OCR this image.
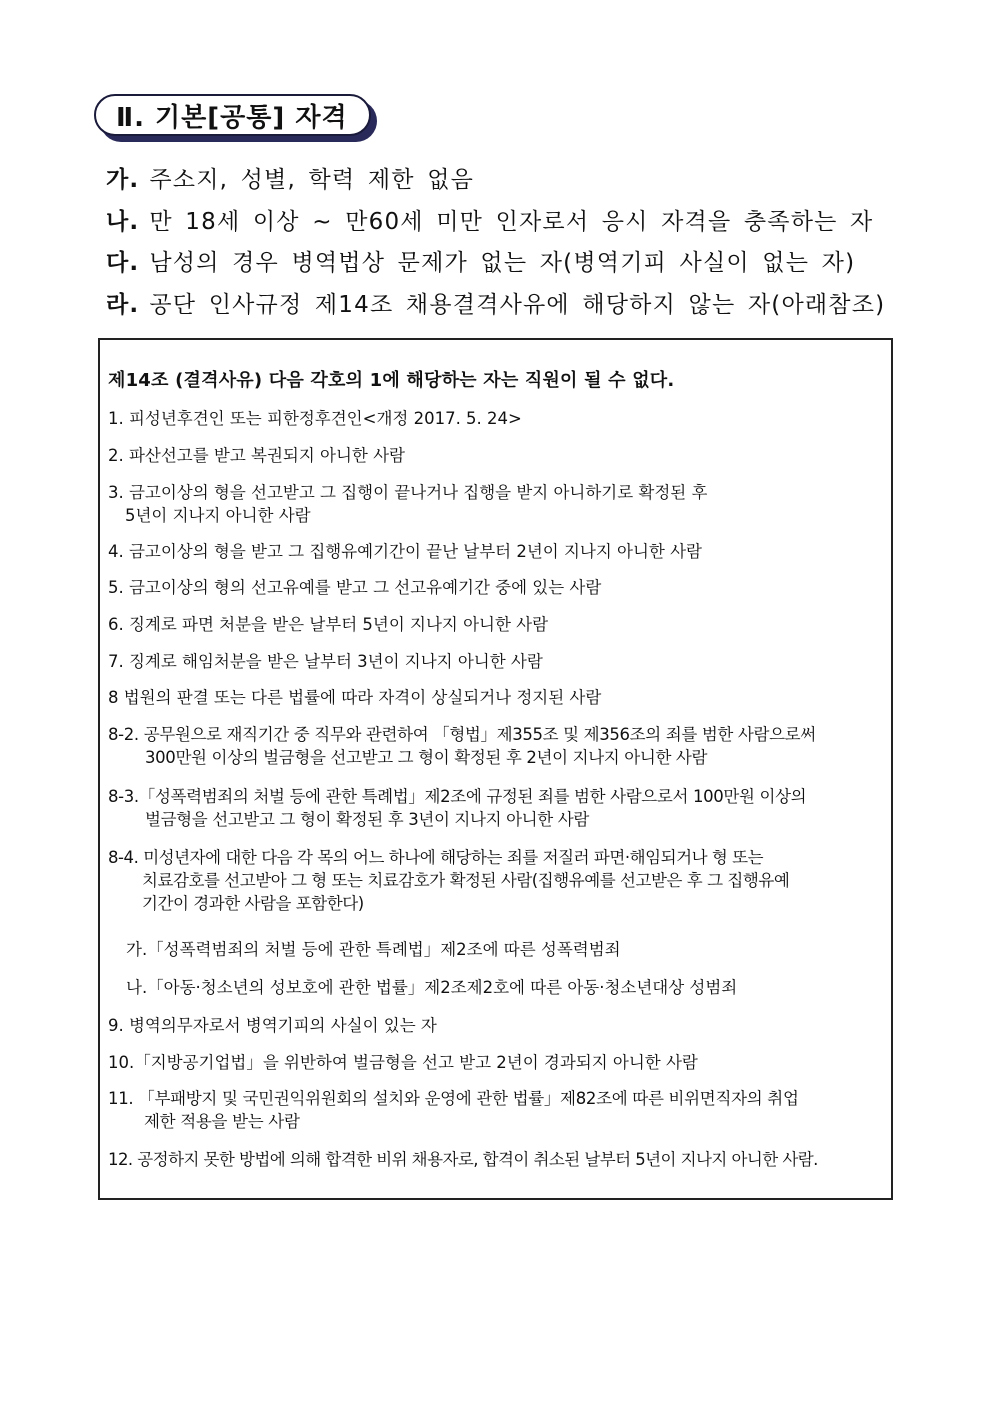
Ⅱ. 기본[공통] 자격
가. 주소지, 성별, 학력 제한 없음
나. 만 18세 이상 ~ 만60세 미만 인자로서 응시 자격을 충족하는 자
다. 남성의 경우 병역법상 문제가 없는 자(병역기피 사실이 없는 자)
라. 공단 인사규정 제14조 채용결격사유에 해당하지 않는 자(아래참조)
제14조 (결격사유) 다음 각호의 1에 해당하는 자는 직원이 될 수 없다.
1. 피성년후견인 또는 피한정후견인<개정 2017. 5. 24>
2. 파산선고를 받고 복권되지 아니한 사람
3. 금고이상의 형을 선고받고 그 집행이 끝나거나 집행을 받지 아니하기로 확정된 후
5년이 지나지 아니한 사람
4. 금고이상의 형을 받고 그 집행유예기간이 끝난 날부터 2년이 지나지 아니한 사람
5. 금고이상의 형의 선고유예를 받고 그 선고유예기간 중에 있는 사람
6. 징계로 파면 처분을 받은 날부터 5년이 지나지 아니한 사람
7. 징계로 해임처분을 받은 날부터 3년이 지나지 아니한 사람
8 법원의 판결 또는 다른 법률에 따라 자격이 상실되거나 정지된 사람
8-2. 공무원으로 재직기간 중 직무와 관련하여 「형법」제355조 및 제356조의 죄를 범한 사람으로써
300만원 이상의 벌금형을 선고받고 그 형이 확정된 후 2년이 지나지 아니한 사람
8-3.「성폭력범죄의 처벌 등에 관한 특례법」제2조에 규정된 죄를 범한 사람으로서 100만원 이상의
벌금형을 선고받고 그 형이 확정된 후 3년이 지나지 아니한 사람
8-4. 미성년자에 대한 다음 각 목의 어느 하나에 해당하는 죄를 저질러 파면·해임되거나 형 또는
치료감호를 선고받아 그 형 또는 치료감호가 확정된 사람(집행유예를 선고받은 후 그 집행유예
기간이 경과한 사람을 포함한다)
가.「성폭력범죄의 처벌 등에 관한 특례법」제2조에 따른 성폭력범죄
나.「아동·청소년의 성보호에 관한 법률」제2조제2호에 따른 아동·청소년대상 성범죄
9. 병역의무자로서 병역기피의 사실이 있는 자
10.「지방공기업법」을 위반하여 벌금형을 선고 받고 2년이 경과되지 아니한 사람
11. 「부패방지 및 국민권익위원회의 설치와 운영에 관한 법률」제82조에 따른 비위면직자의 취업
제한 적용을 받는 사람
12. 공정하지 못한 방법에 의해 합격한 비위 채용자로, 합격이 취소된 날부터 5년이 지나지 아니한 사람.
